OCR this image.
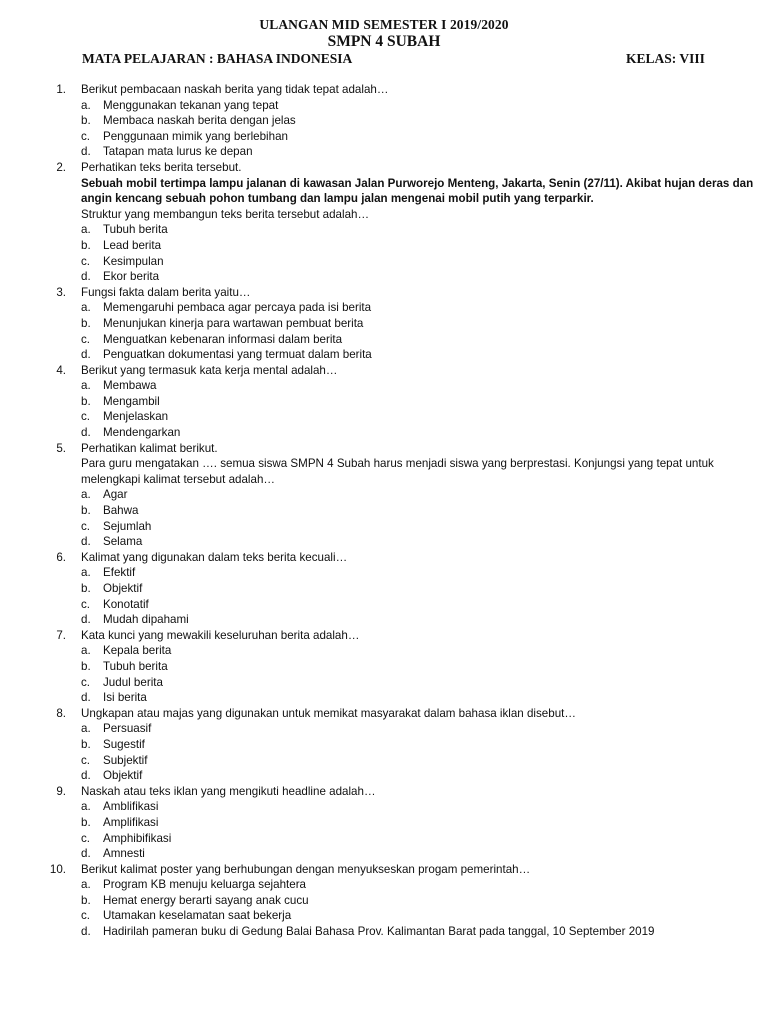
ULANGAN MID SEMESTER I 2019/2020
SMPN 4 SUBAH
MATA PELAJARAN : BAHASA INDONESIA	KELAS: VIII
1. Berikut pembacaan naskah berita yang tidak tepat adalah…
a. Menggunakan tekanan yang tepat
b. Membaca naskah berita dengan jelas
c. Penggunaan mimik yang berlebihan
d. Tatapan mata lurus ke depan
2. Perhatikan teks berita tersebut.
Sebuah mobil tertimpa lampu jalanan di kawasan Jalan Purworejo Menteng, Jakarta, Senin (27/11). Akibat hujan deras dan
angin kencang sebuah pohon tumbang dan lampu jalan mengenai mobil putih yang terparkir.
Struktur yang membangun teks berita tersebut adalah…
a. Tubuh berita
b. Lead berita
c. Kesimpulan
d. Ekor berita
3. Fungsi fakta dalam berita yaitu…
a. Memengaruhi pembaca agar percaya pada isi berita
b. Menunjukan kinerja para wartawan pembuat berita
c. Menguatkan kebenaran informasi dalam berita
d. Penguatkan dokumentasi yang termuat dalam berita
4. Berikut yang termasuk kata kerja mental adalah…
a. Membawa
b. Mengambil
c. Menjelaskan
d. Mendengarkan
5. Perhatikan kalimat berikut.
Para guru mengatakan …. semua siswa SMPN 4 Subah harus menjadi siswa yang berprestasi. Konjungsi yang tepat untuk
melengkapi kalimat tersebut adalah…
a. Agar
b. Bahwa
c. Sejumlah
d. Selama
6. Kalimat yang digunakan dalam teks berita kecuali…
a. Efektif
b. Objektif
c. Konotatif
d. Mudah dipahami
7. Kata kunci yang mewakili keseluruhan berita adalah…
a. Kepala berita
b. Tubuh berita
c. Judul berita
d. Isi berita
8. Ungkapan atau majas yang digunakan untuk memikat masyarakat dalam bahasa iklan disebut…
a. Persuasif
b. Sugestif
c. Subjektif
d. Objektif
9. Naskah atau teks iklan yang mengikuti headline adalah…
a. Amblifikasi
b. Amplifikasi
c. Amphibifikasi
d. Amnesti
10. Berikut kalimat poster yang berhubungan dengan menyukseskan progam pemerintah…
a. Program KB menuju keluarga sejahtera
b. Hemat energy berarti sayang anak cucu
c. Utamakan keselamatan saat bekerja
d. Hadirilah pameran buku di Gedung Balai Bahasa Prov. Kalimantan Barat pada tanggal, 10 September 2019
